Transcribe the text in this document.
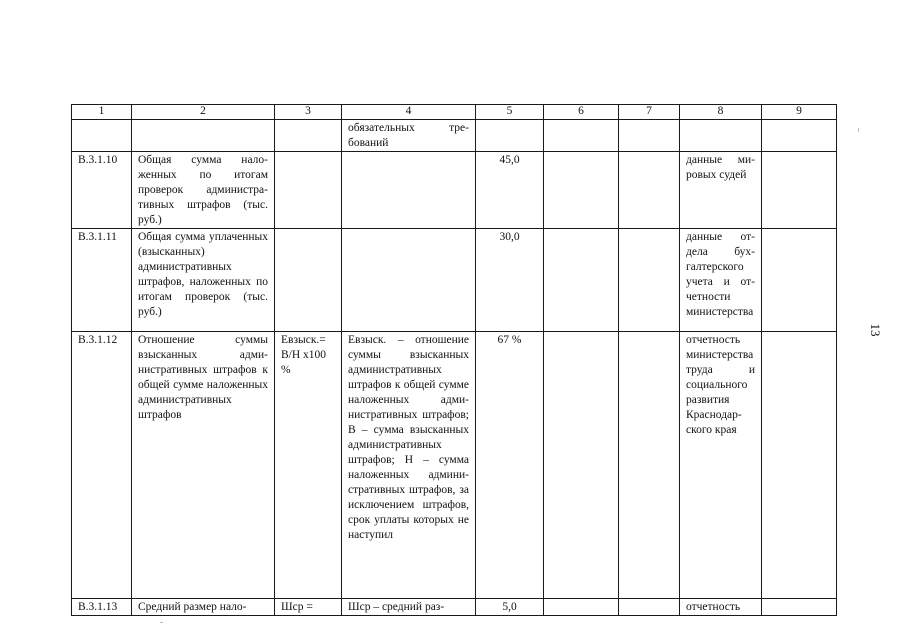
1	2	3	4	5	6	7	8	9
			обязательных требований					
В.3.1.10	Общая сумма наложенных по итогам проверок административных штрафов (тыс. руб.)			45,0			данные мировых судей	
В.3.1.11	Общая сумма уплаченных (взысканных) административных штрафов, наложенных по итогам проверок (тыс. руб.)			30,0			данные отдела бухгалтерского учета и отчетности министерства	
В.3.1.12	Отношение суммы взысканных административных штрафов к общей сумме наложенных административных штрафов	Евзыск.= В/Н х100 %	Евзыск. – отношение суммы взысканных административных штрафов к общей сумме наложенных административных штрафов; В – сумма взысканных административных штрафов; Н – сумма наложенных административных штрафов, за исключением штрафов, срок уплаты которых не наступил	67 %			отчетность министерства труда и социального развития Краснодарского края	
В.3.1.13	Средний размер нало-	Шср =	Шср – средний раз-	5,0			отчетность	
13
